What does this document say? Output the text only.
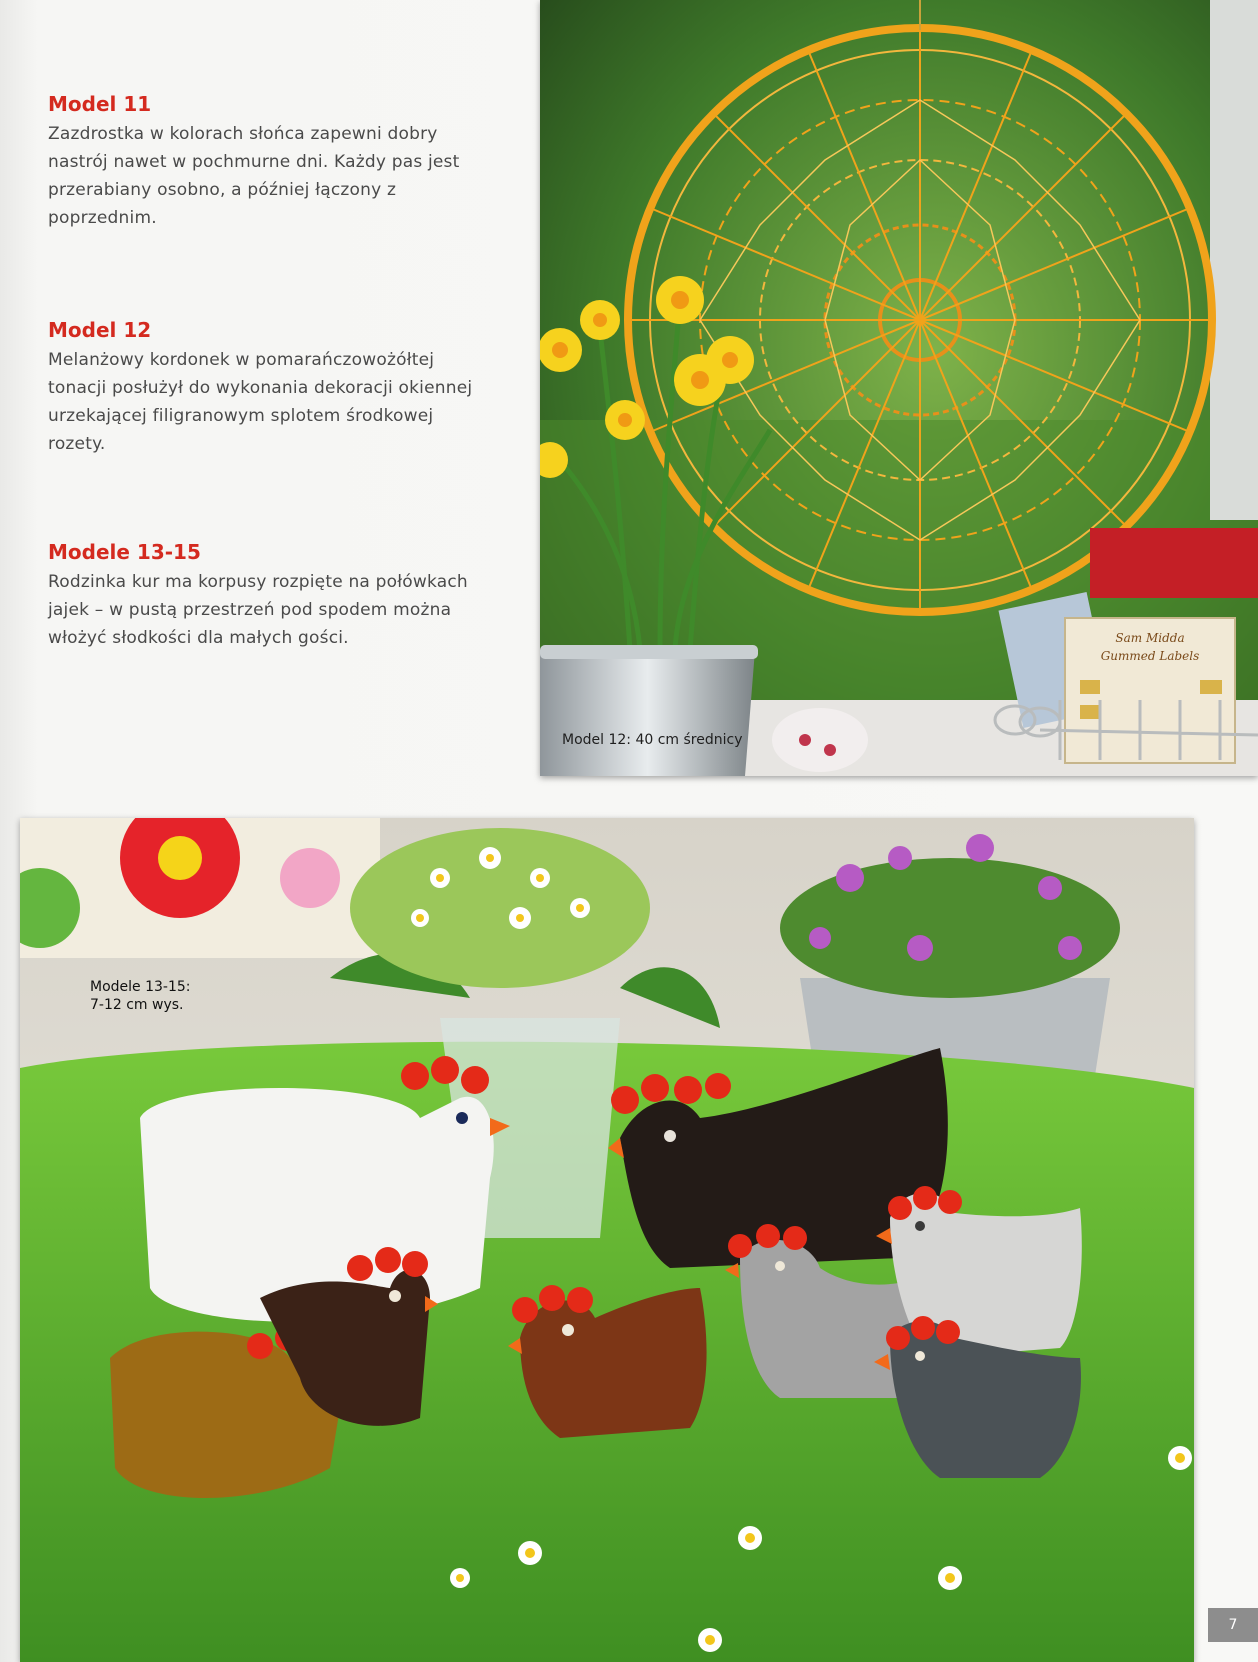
Model 11

Zazdrostka w kolorach słońca zapewni dobry nastrój nawet w pochmurne dni. Każdy pas jest przerabiany osobno, a później łączony z poprzednim.

Model 12

Melanżowy kordonek w pomarańczowożółtej tonacji posłużył do wykonania dekoracji okiennej urzekającej filigranowym splotem środkowej rozety.

Modele 13-15

Rodzinka kur ma korpusy rozpięte na połówkach jajek – w pustą przestrzeń pod spodem można włożyć słodkości dla małych gości.	Sam Midda
Gummed Labels
Model 12: 40 cm średnicy
Modele 13-15:
7-12 cm wys.
7
